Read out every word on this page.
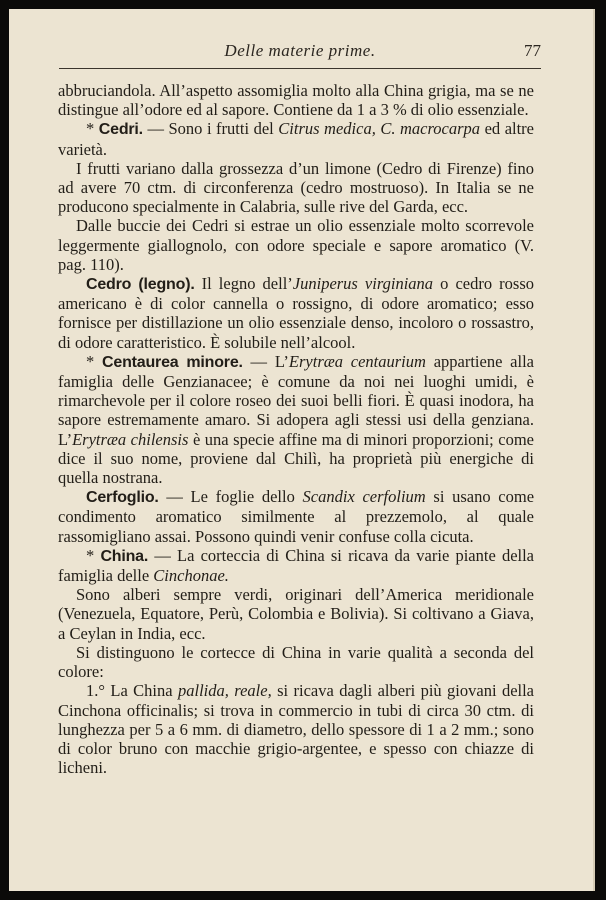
Delle materie prime.	77

abbruciandola. All’aspetto assomiglia molto alla China grigia, ma se ne distingue all’odore ed al sapore. Contiene da 1 a 3 % di olio essenziale.

* Cedri. — Sono i frutti del Citrus medica, C. macrocarpa ed altre varietà.

I frutti variano dalla grossezza d’un limone (Cedro di Firenze) fino ad avere 70 ctm. di circonferenza (cedro mostruoso). In Italia se ne producono specialmente in Calabria, sulle rive del Garda, ecc.

Dalle buccie dei Cedri si estrae un olio essenziale molto scorrevole leggermente giallognolo, con odore speciale e sapore aromatico (V. pag. 110).

Cedro (legno). Il legno dell’Juniperus virginiana o cedro rosso americano è di color cannella o rossigno, di odore aromatico; esso fornisce per distillazione un olio essenziale denso, incoloro o rossastro, di odore caratteristico. È solubile nell’alcool.

* Centaurea minore. — L’Erytræa centaurium appartiene alla famiglia delle Genzianacee; è comune da noi nei luoghi umidi, è rimarchevole per il colore roseo dei suoi belli fiori. È quasi inodora, ha sapore estremamente amaro. Si adopera agli stessi usi della genziana. L’Erytræa chilensis è una specie affine ma di minori proporzioni; come dice il suo nome, proviene dal Chilì, ha proprietà più energiche di quella nostrana.

Cerfoglio. — Le foglie dello Scandix cerfolium si usano come condimento aromatico similmente al prezzemolo, al quale rassomigliano assai. Possono quindi venir confuse colla cicuta.

* China. — La corteccia di China si ricava da varie piante della famiglia delle Cinchonae.

Sono alberi sempre verdi, originari dell’America meridionale (Venezuela, Equatore, Perù, Colombia e Bolivia). Si coltivano a Giava, a Ceylan in India, ecc.

Si distinguono le cortecce di China in varie qualità a seconda del colore:

1.° La China pallida, reale, si ricava dagli alberi più giovani della Cinchona officinalis; si trova in commercio in tubi di circa 30 ctm. di lunghezza per 5 a 6 mm. di diametro, dello spessore di 1 a 2 mm.; sono di color bruno con macchie grigio-argentee, e spesso con chiazze di licheni.
